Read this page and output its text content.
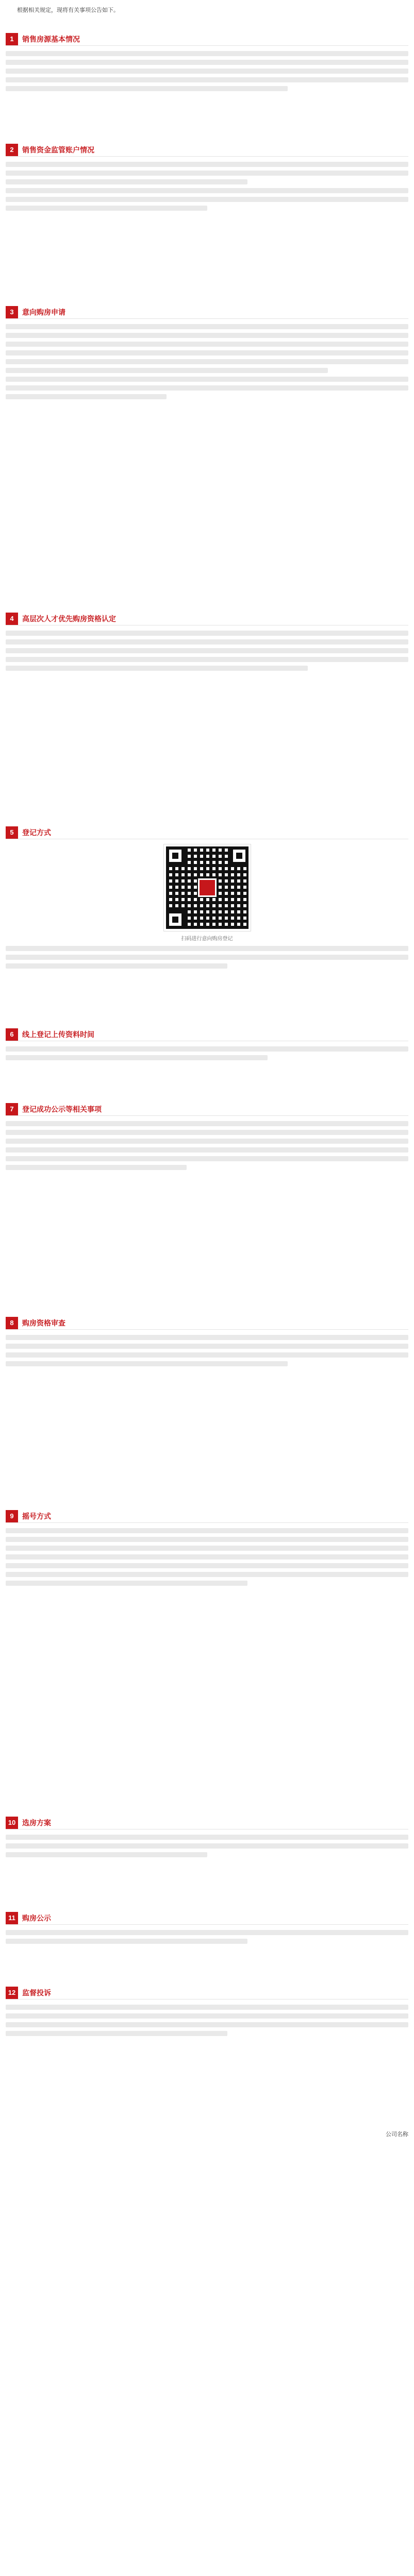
根据相关规定，现将有关事项公告如下。

1	销售房源基本情况
2	销售资金监管账户情况
3	意向购房申请
4	高层次人才优先购房资格认定
5	登记方式
扫码进行意向购房登记
6	线上登记上传资料时间
7	登记成功公示等相关事项
8	购房资格审查
9	摇号方式
10 选房方案
11 购房公示
12 监督投诉
公司名称
